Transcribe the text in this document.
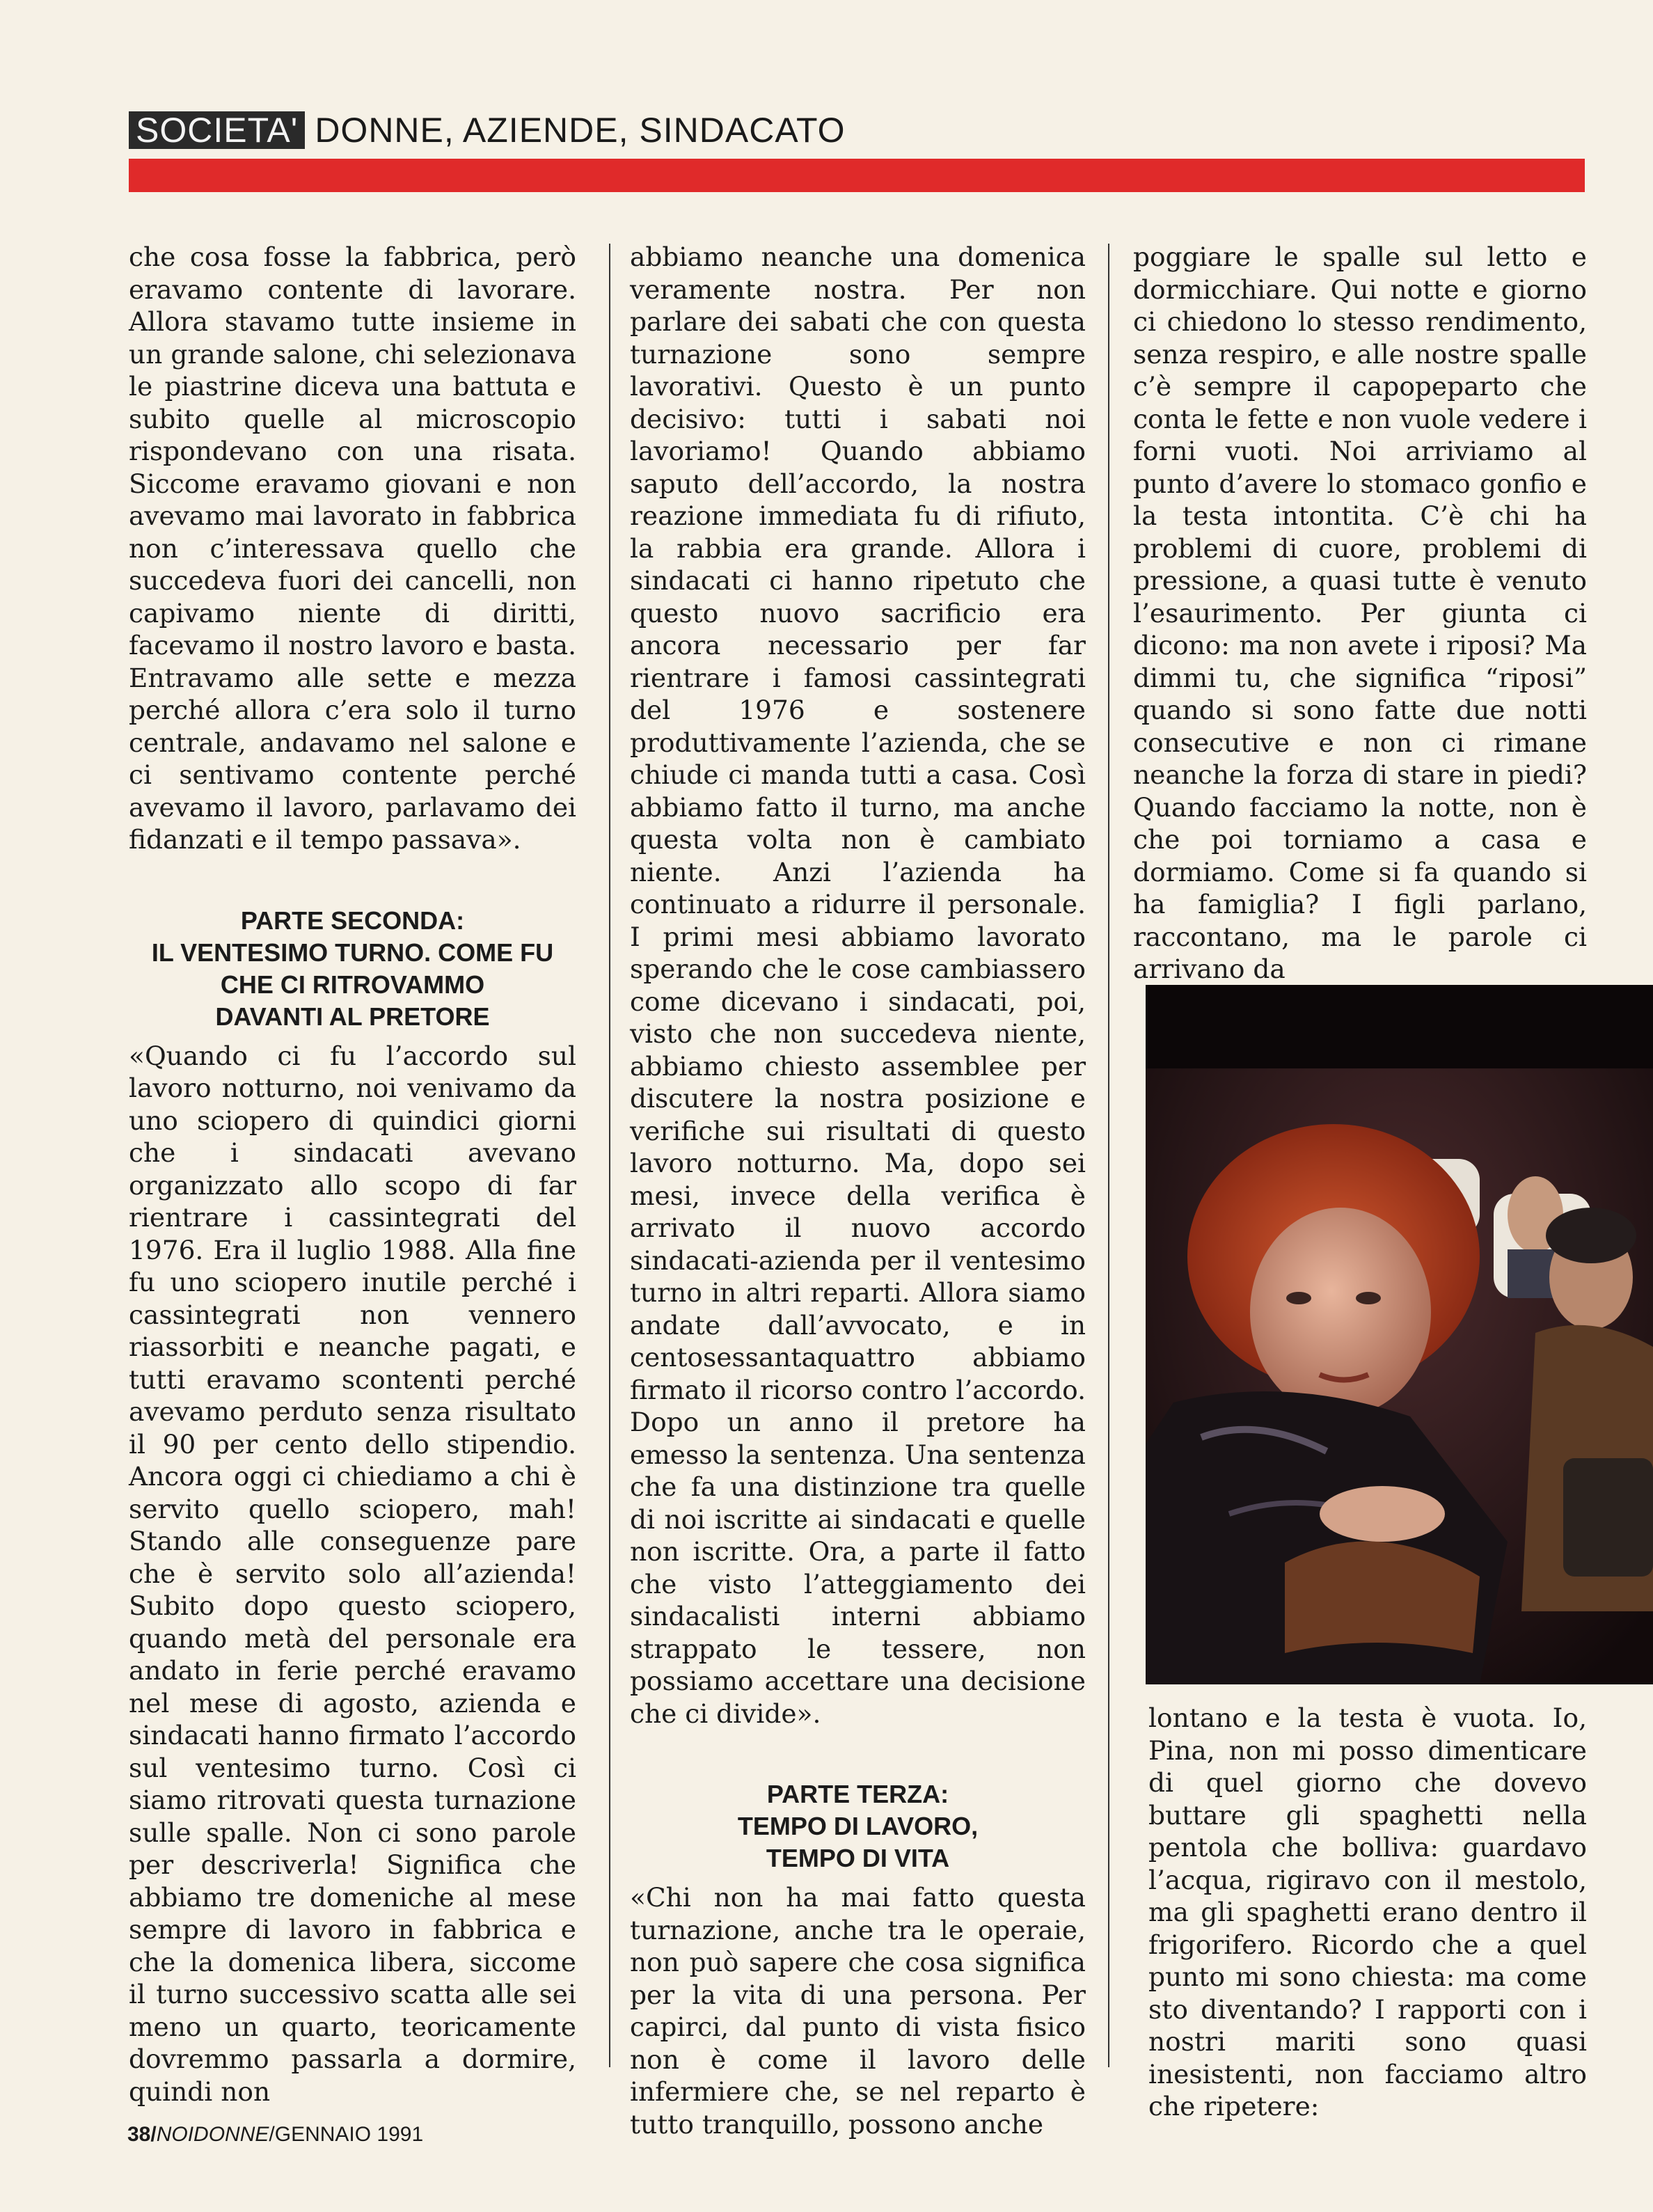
SOCIETA' DONNE, AZIENDE, SINDACATO

che cosa fosse la fabbrica, però eravamo contente di lavorare. Allora stavamo tutte insieme in un grande salone, chi selezionava le piastrine diceva una battuta e subito quelle al microscopio rispondevano con una risata. Siccome eravamo giovani e non avevamo mai lavorato in fabbrica non c’interessava quello che succedeva fuori dei cancelli, non capivamo niente di diritti, facevamo il nostro lavoro e basta. Entravamo alle sette e mezza perché allora c’era solo il turno centrale, andavamo nel salone e ci sentivamo contente perché avevamo il lavoro, parlavamo dei fidanzati e il tempo passava».

PARTE SECONDA:
IL VENTESIMO TURNO. COME FU
CHE CI RITROVAMMO
DAVANTI AL PRETORE

«Quando ci fu l’accordo sul lavoro notturno, noi venivamo da uno sciopero di quindici giorni che i sindacati avevano organizzato allo scopo di far rientrare i cassintegrati del 1976. Era il luglio 1988. Alla fine fu uno sciopero inutile perché i cassintegrati non vennero riassorbiti e neanche pagati, e tutti eravamo scontenti perché avevamo perduto senza risultato il 90 per cento dello stipendio. Ancora oggi ci chiediamo a chi è servito quello sciopero, mah! Stando alle conseguenze pare che è servito solo all’azienda! Subito dopo questo sciopero, quando metà del personale era andato in ferie perché eravamo nel mese di agosto, azienda e sindacati hanno firmato l’accordo sul ventesimo turno. Così ci siamo ritrovati questa turnazione sulle spalle. Non ci sono parole per descriverla! Significa che abbiamo tre domeniche al mese sempre di lavoro in fabbrica e che la domenica libera, siccome il turno successivo scatta alle sei meno un quarto, teoricamente dovremmo passarla a dormire, quindi non

abbiamo neanche una domenica veramente nostra. Per non parlare dei sabati che con questa turnazione sono sempre lavorativi. Questo è un punto decisivo: tutti i sabati noi lavoriamo! Quando abbiamo saputo dell’accordo, la nostra reazione immediata fu di rifiuto, la rabbia era grande. Allora i sindacati ci hanno ripetuto che questo nuovo sacrificio era ancora necessario per far rientrare i famosi cassintegrati del 1976 e sostenere produttivamente l’azienda, che se chiude ci manda tutti a casa. Così abbiamo fatto il turno, ma anche questa volta non è cambiato niente. Anzi l’azienda ha continuato a ridurre il personale. I primi mesi abbiamo lavorato sperando che le cose cambiassero come dicevano i sindacati, poi, visto che non succedeva niente, abbiamo chiesto assemblee per discutere la nostra posizione e verifiche sui risultati di questo lavoro notturno. Ma, dopo sei mesi, invece della verifica è arrivato il nuovo accordo sindacati-azienda per il ventesimo turno in altri reparti. Allora siamo andate dall’avvocato, e in centosessantaquattro abbiamo firmato il ricorso contro l’accordo. Dopo un anno il pretore ha emesso la sentenza. Una sentenza che fa una distinzione tra quelle di noi iscritte ai sindacati e quelle non iscritte. Ora, a parte il fatto che visto l’atteggiamento dei sindacalisti interni abbiamo strappato le tessere, non possiamo accettare una decisione che ci divide».

PARTE TERZA:
TEMPO DI LAVORO,
TEMPO DI VITA

«Chi non ha mai fatto questa turnazione, anche tra le operaie, non può sapere che cosa significa per la vita di una persona. Per capirci, dal punto di vista fisico non è come il lavoro delle infermiere che, se nel reparto è tutto tranquillo, possono anche

poggiare le spalle sul letto e dormicchiare. Qui notte e giorno ci chiedono lo stesso rendimento, senza respiro, e alle nostre spalle c’è sempre il capореparto che conta le fette e non vuole vedere i forni vuoti. Noi arriviamo al punto d’avere lo stomaco gonfio e la testa intontita. C’è chi ha problemi di cuore, problemi di pressione, a quasi tutte è venuto l’esaurimento. Per giunta ci dicono: ma non avete i riposi? Ma dimmi tu, che significa “riposi” quando si sono fatte due notti consecutive e non ci rimane neanche la forza di stare in piedi? Quando facciamo la notte, non è che poi torniamo a casa e dormiamo. Come si fa quando si ha famiglia? I figli parlano, raccontano, ma le parole ci arrivano da

lontano e la testa è vuota. Io, Pina, non mi posso dimenticare di quel giorno che dovevo buttare gli spaghetti nella pentola che bolliva: guardavo l’acqua, rigiravo con il mestolo, ma gli spaghetti erano dentro il frigorifero. Ricordo che a quel punto mi sono chiesta: ma come sto diventando? I rapporti con i nostri mariti sono quasi inesistenti, non facciamo altro che ripetere:

38/NOIDONNE/GENNAIO 1991
